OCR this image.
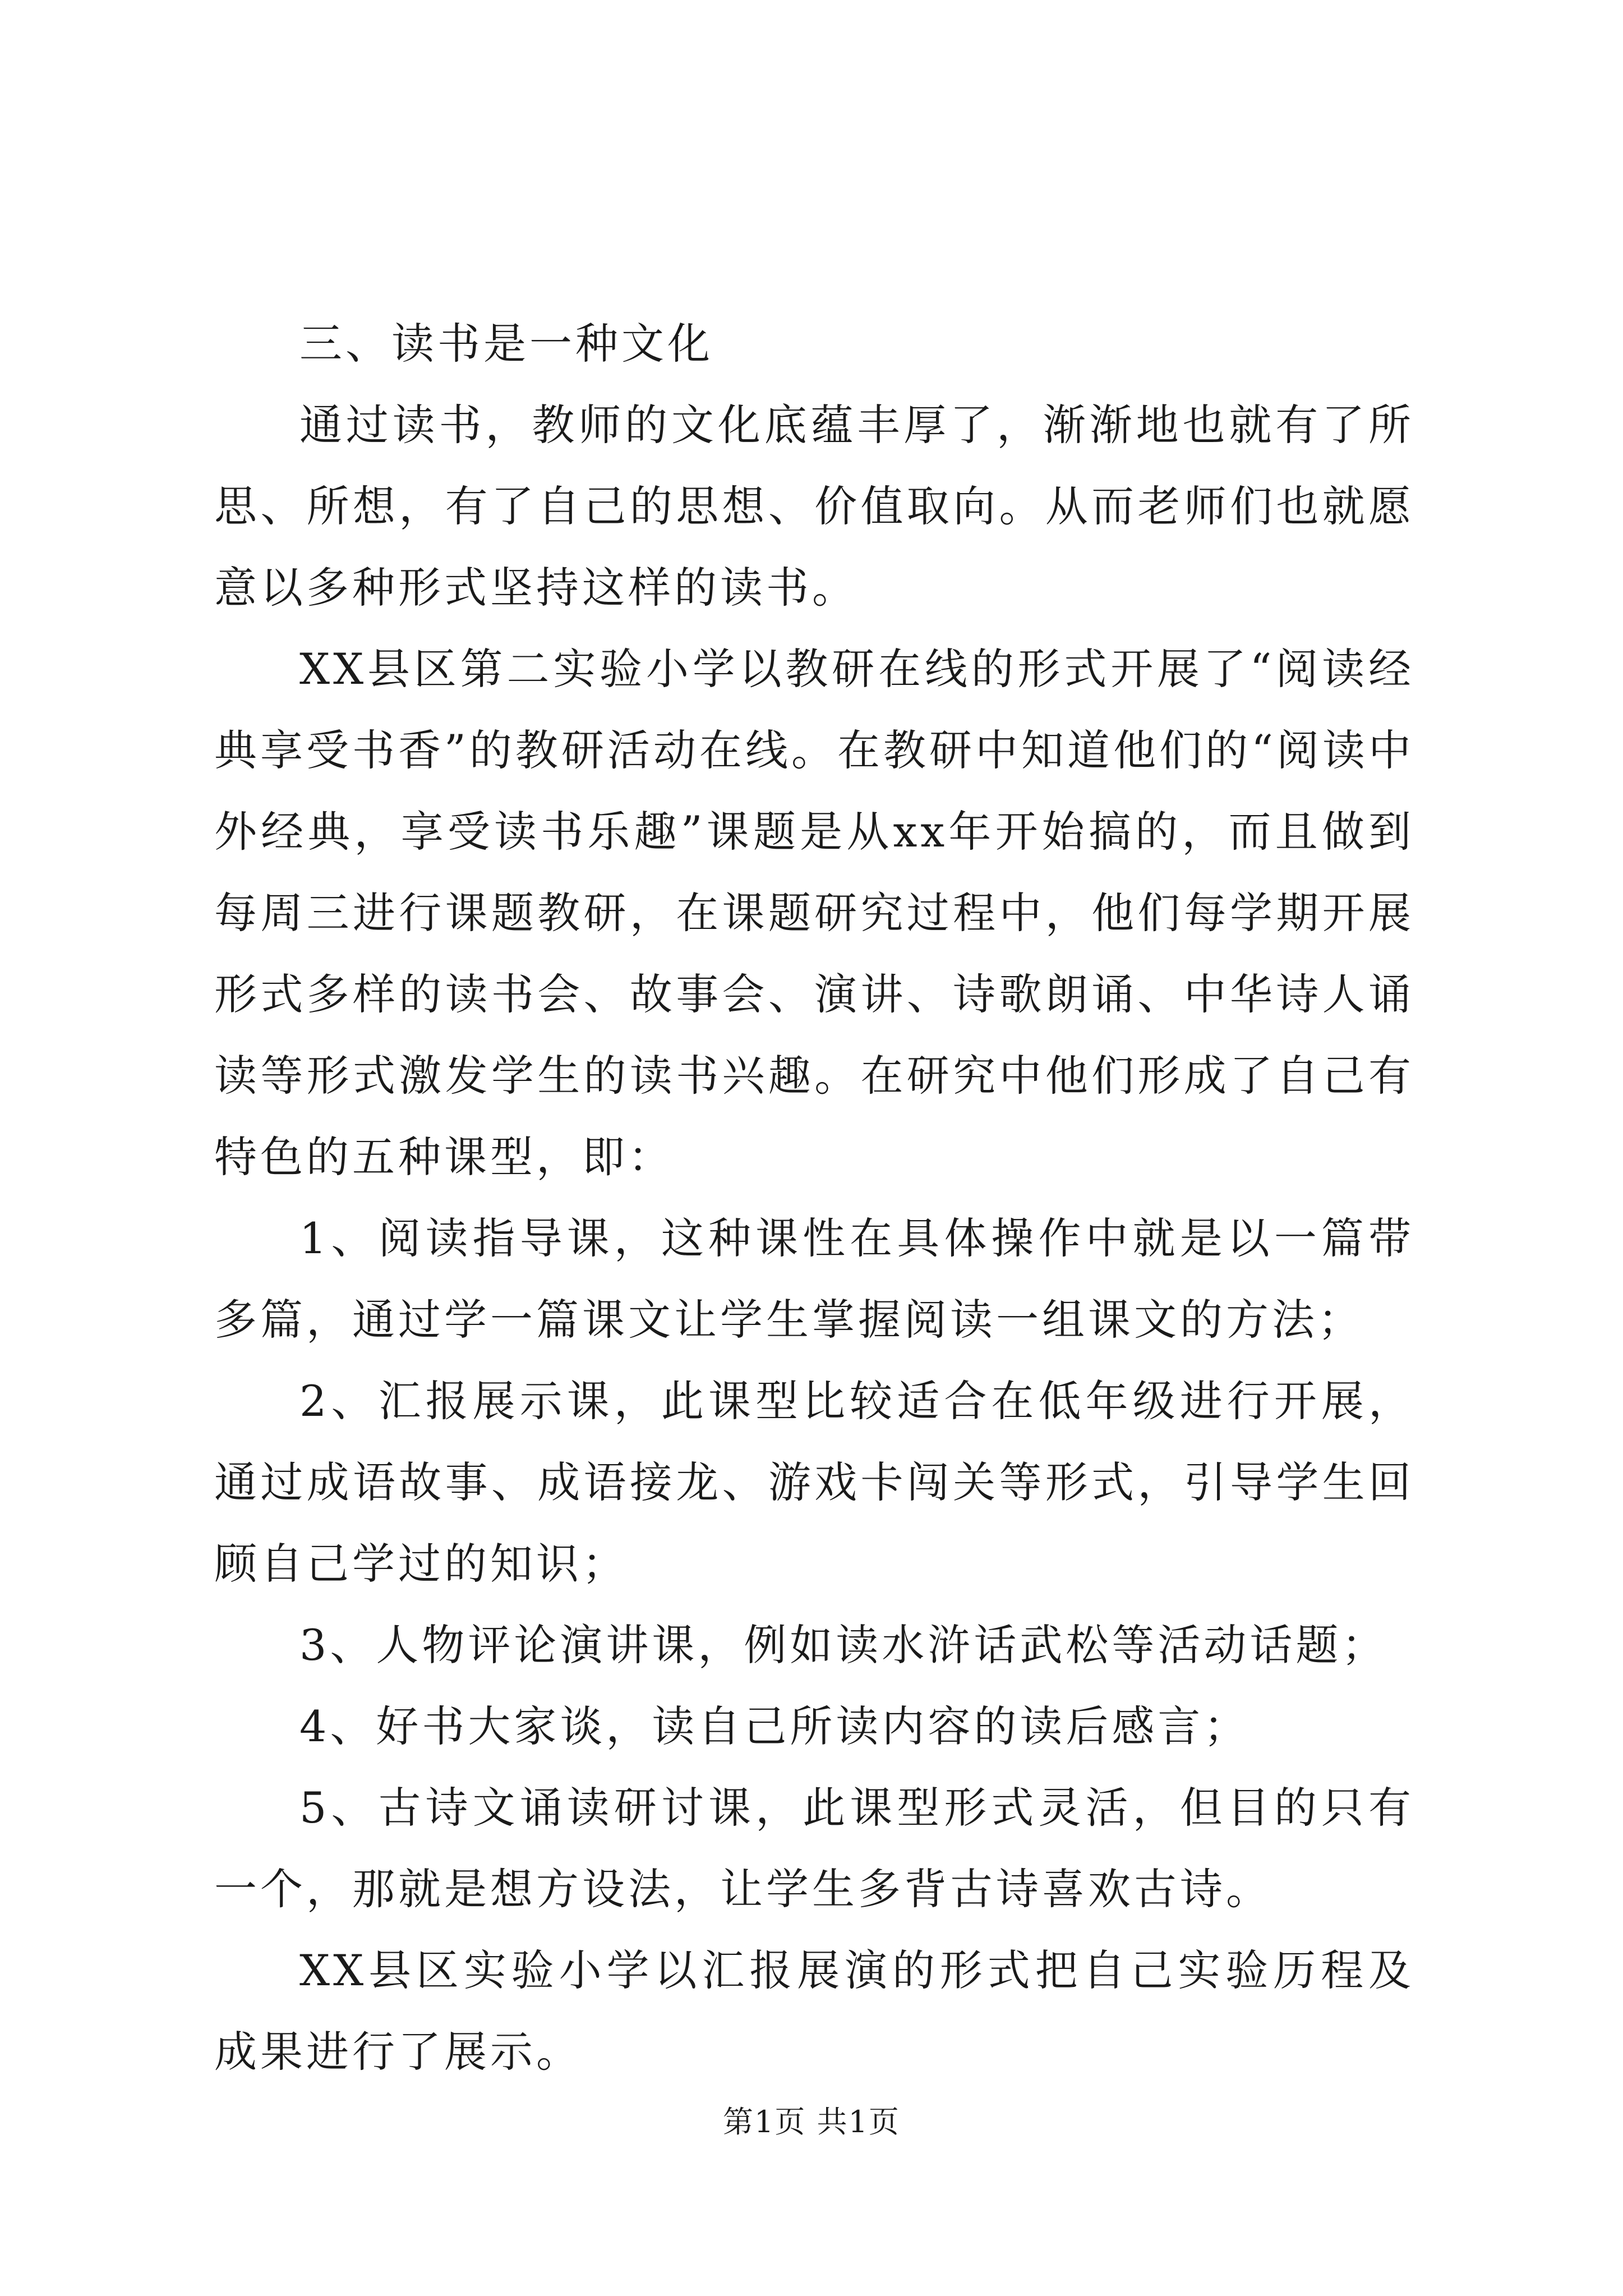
三、读书是一种文化

通过读书，教师的文化底蕴丰厚了，渐渐地也就有了所思、所想，有了自己的思想、价值取向。从而老师们也就愿意以多种形式坚持这样的读书。

XX县区第二实验小学以教研在线的形式开展了“阅读经典享受书香”的教研活动在线。在教研中知道他们的“阅读中外经典，享受读书乐趣”课题是从xx年开始搞的，而且做到每周三进行课题教研，在课题研究过程中，他们每学期开展形式多样的读书会、故事会、演讲、诗歌朗诵、中华诗人诵读等形式激发学生的读书兴趣。在研究中他们形成了自己有特色的五种课型，即：

1、阅读指导课，这种课性在具体操作中就是以一篇带多篇，通过学一篇课文让学生掌握阅读一组课文的方法；

2、汇报展示课，此课型比较适合在低年级进行开展，通过成语故事、成语接龙、游戏卡闯关等形式，引导学生回顾自己学过的知识；

3、人物评论演讲课，例如读水浒话武松等活动话题；

4、好书大家谈，读自己所读内容的读后感言；

5、古诗文诵读研讨课，此课型形式灵活，但目的只有一个，那就是想方设法，让学生多背古诗喜欢古诗。

XX县区实验小学以汇报展演的形式把自己实验历程及成果进行了展示。

第1页 共1页
